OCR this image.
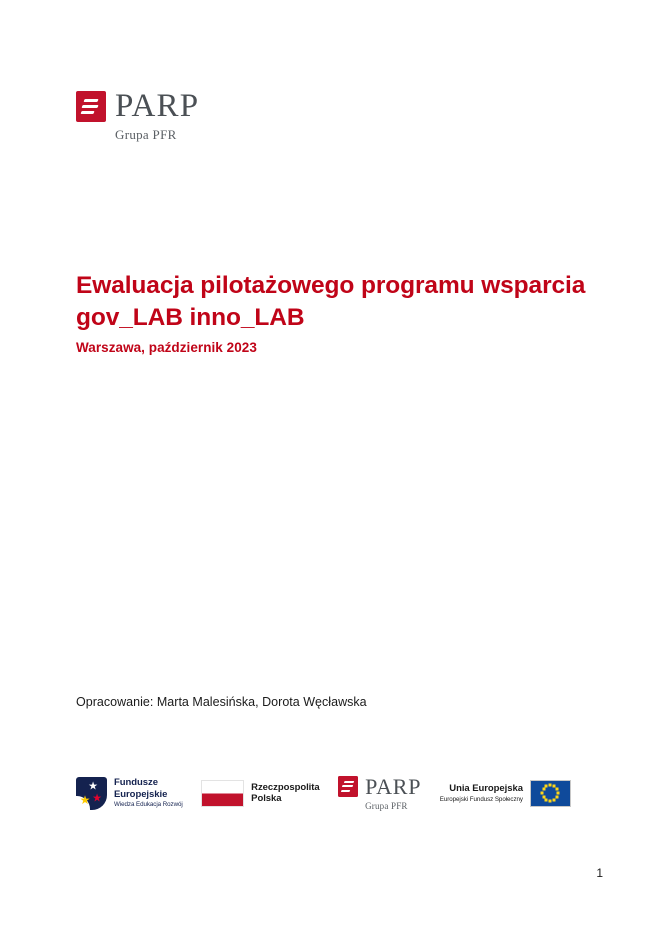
PARP
Grupa PFR
Ewaluacja pilotażowego programu wsparcia gov_LAB inno_LAB
Warszawa, październik 2023
Opracowanie: Marta Malesińska, Dorota Węcławska
Fundusze
Europejskie
Wiedza Edukacja Rozwój
Rzeczpospolita
Polska	PARP
Grupa PFR
Unia Europejska
Europejski Fundusz Społeczny
1
